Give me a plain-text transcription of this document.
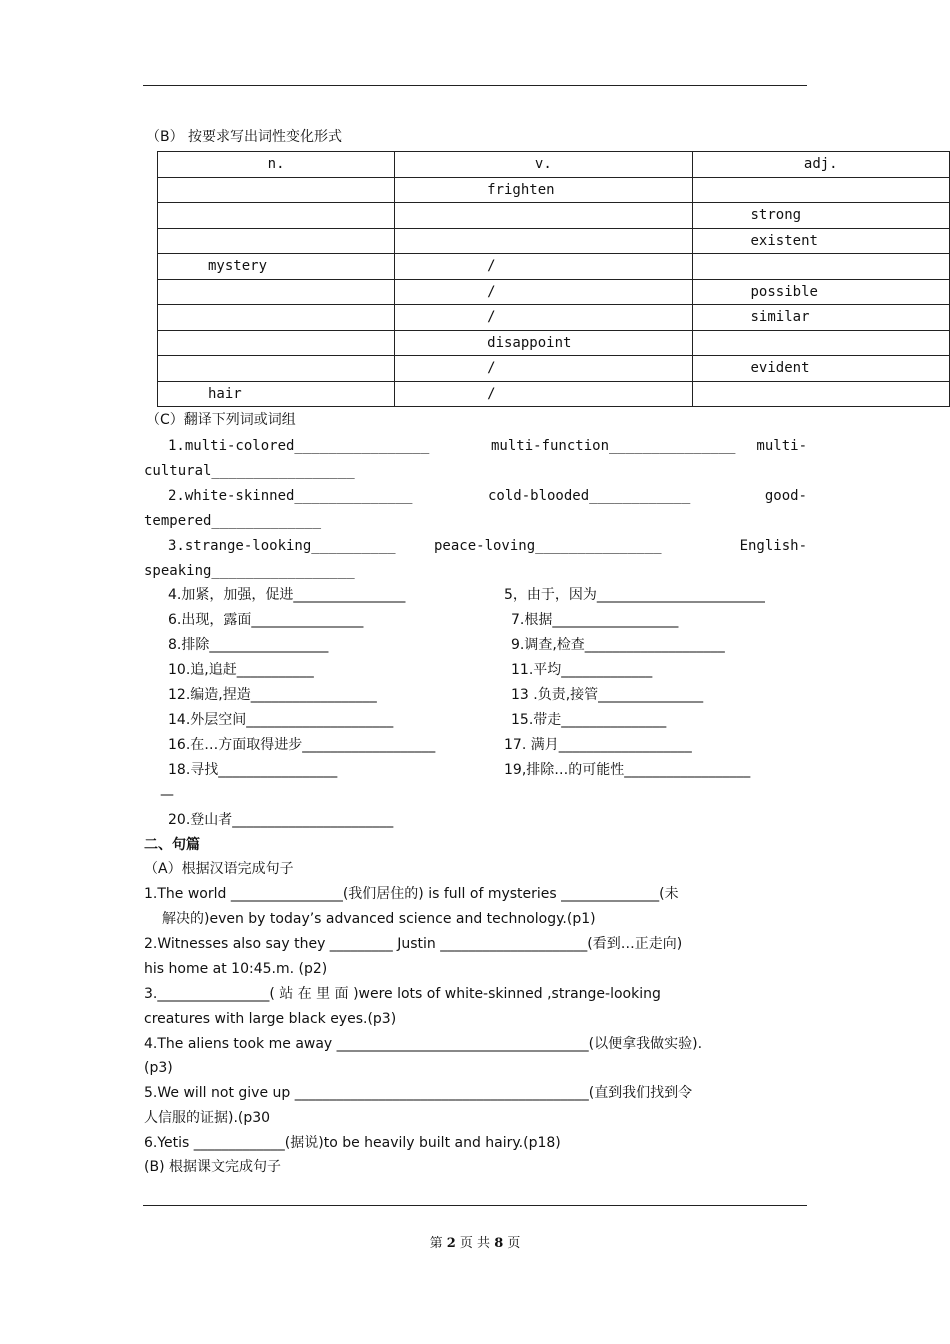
（B） 按要求写出词性变化形式
n.	v.	adj.
	frighten	
		strong
		existent
mystery	/	
	/	possible
	/	similar
	disappoint	
	/	evident
hair	/	
（C）翻译下列词或词组
1.multi-colored________________	multi-function_______________ multi-
cultural_________________
2.white-skinned______________	cold-blooded____________	good-
tempered_____________
3.strange-looking__________	peace-loving_______________	English-
speaking_________________
4.加紧，加强，促进________________	5，由于，因为________________________
6.出现，露面________________	7.根据__________________
8.排除_________________	9.调查,检查____________________
10.追,追赶___________	11.平均_____________
12.编造,捏造__________________	13 .负责,接管_______________
14.外层空间_____________________	15.带走_______________
16.在…方面取得进步___________________	17. 满月___________________
18.寻找_________________	19,排除…的可能性__________________
—
20.登山者_______________________
二、句篇
（A）根据汉语完成句子
1.The world ________________(我们居住的) is full of mysteries ______________(未
解决的)even by today’s advanced science and technology.(p1)
2.Witnesses also say they _________ Justin _____________________(看到…正走向)
his home at 10:45.m. (p2)
3.________________( 站 在 里 面 )were lots of white-skinned ,strange-looking
creatures with large black eyes.(p3)
4.The aliens took me away ____________________________________(以便拿我做实验).
(p3)
5.We will not give up __________________________________________(直到我们找到令
人信服的证据).(p30
6.Yetis _____________(据说)to be heavily built and hairy.(p18)
(B) 根据课文完成句子
第 2 页 共 8 页
